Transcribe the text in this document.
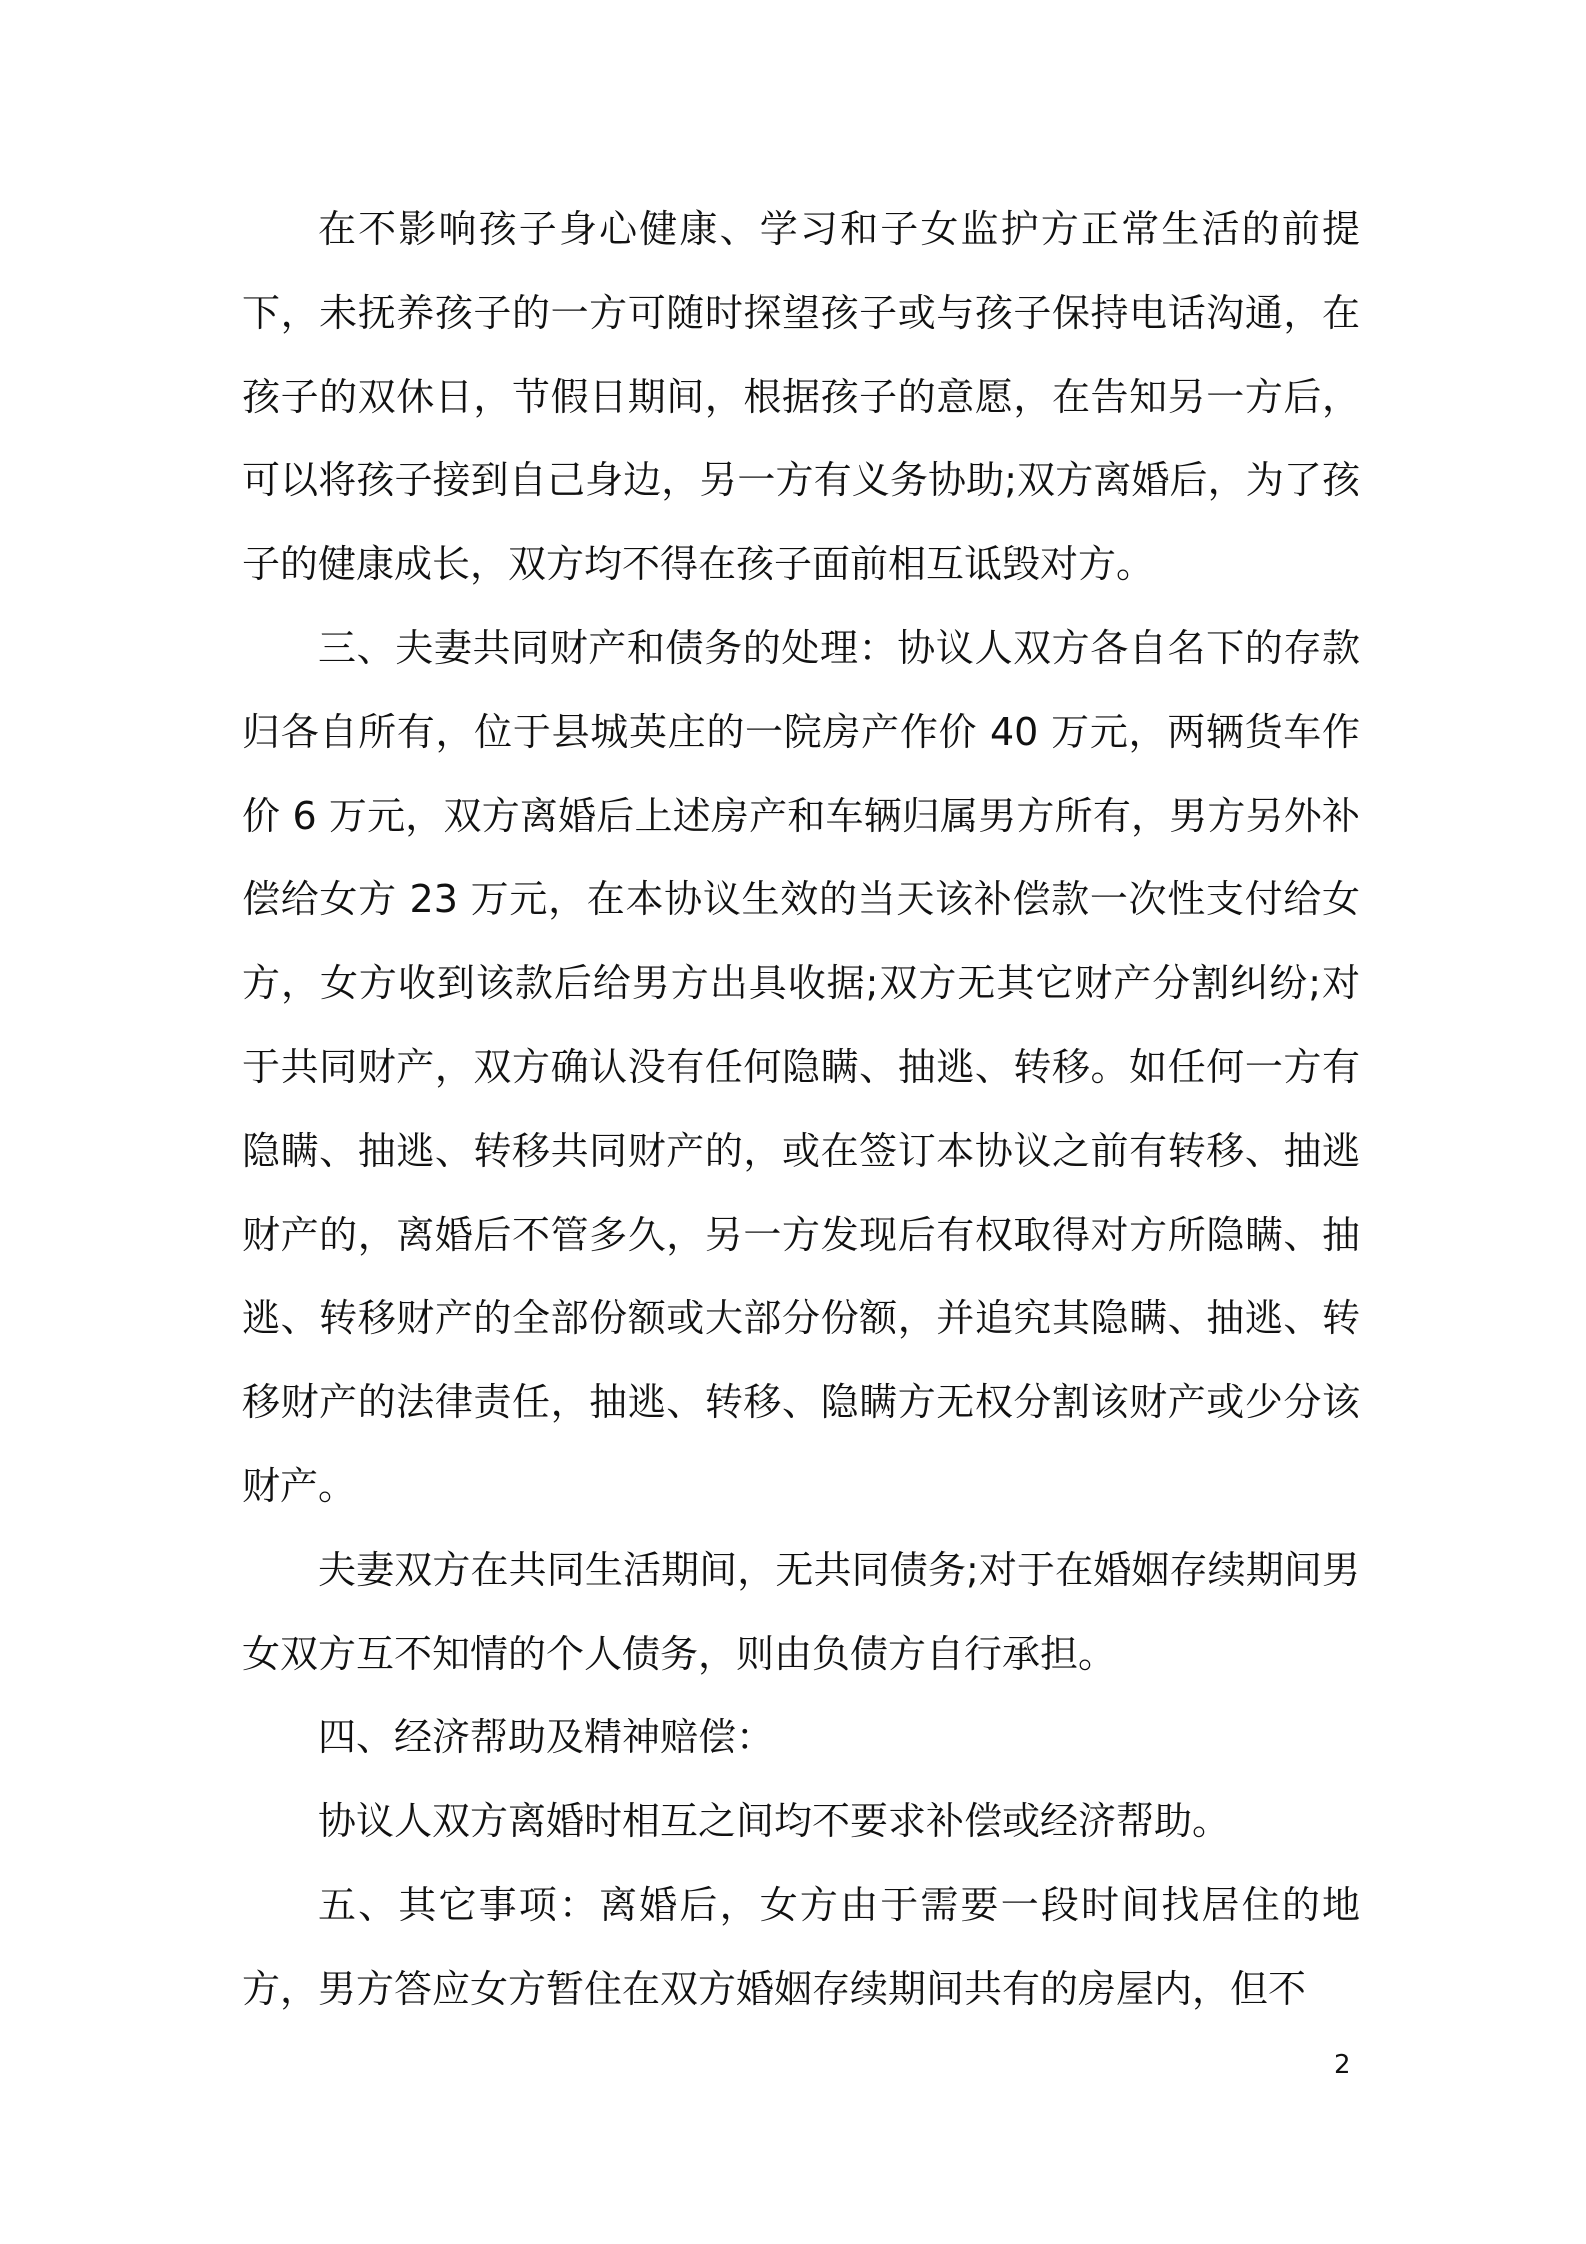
在不影响孩子身心健康、学习和子女监护方正常生活的前提下，未抚养孩子的一方可随时探望孩子或与孩子保持电话沟通，在孩子的双休日，节假日期间，根据孩子的意愿，在告知另一方后，可以将孩子接到自己身边，另一方有义务协助;双方离婚后，为了孩子的健康成长，双方均不得在孩子面前相互诋毁对方。

三、夫妻共同财产和债务的处理：协议人双方各自名下的存款归各自所有，位于县城英庄的一院房产作价 40 万元，两辆货车作价 6 万元，双方离婚后上述房产和车辆归属男方所有，男方另外补偿给女方 23 万元，在本协议生效的当天该补偿款一次性支付给女方，女方收到该款后给男方出具收据;双方无其它财产分割纠纷;对于共同财产，双方确认没有任何隐瞒、抽逃、转移。如任何一方有隐瞒、抽逃、转移共同财产的，或在签订本协议之前有转移、抽逃财产的，离婚后不管多久，另一方发现后有权取得对方所隐瞒、抽逃、转移财产的全部份额或大部分份额，并追究其隐瞒、抽逃、转移财产的法律责任，抽逃、转移、隐瞒方无权分割该财产或少分该财产。

夫妻双方在共同生活期间，无共同债务;对于在婚姻存续期间男女双方互不知情的个人债务，则由负债方自行承担。

四、经济帮助及精神赔偿：

协议人双方离婚时相互之间均不要求补偿或经济帮助。

五、其它事项：离婚后，女方由于需要一段时间找居住的地方，男方答应女方暂住在双方婚姻存续期间共有的房屋内，但不

2
